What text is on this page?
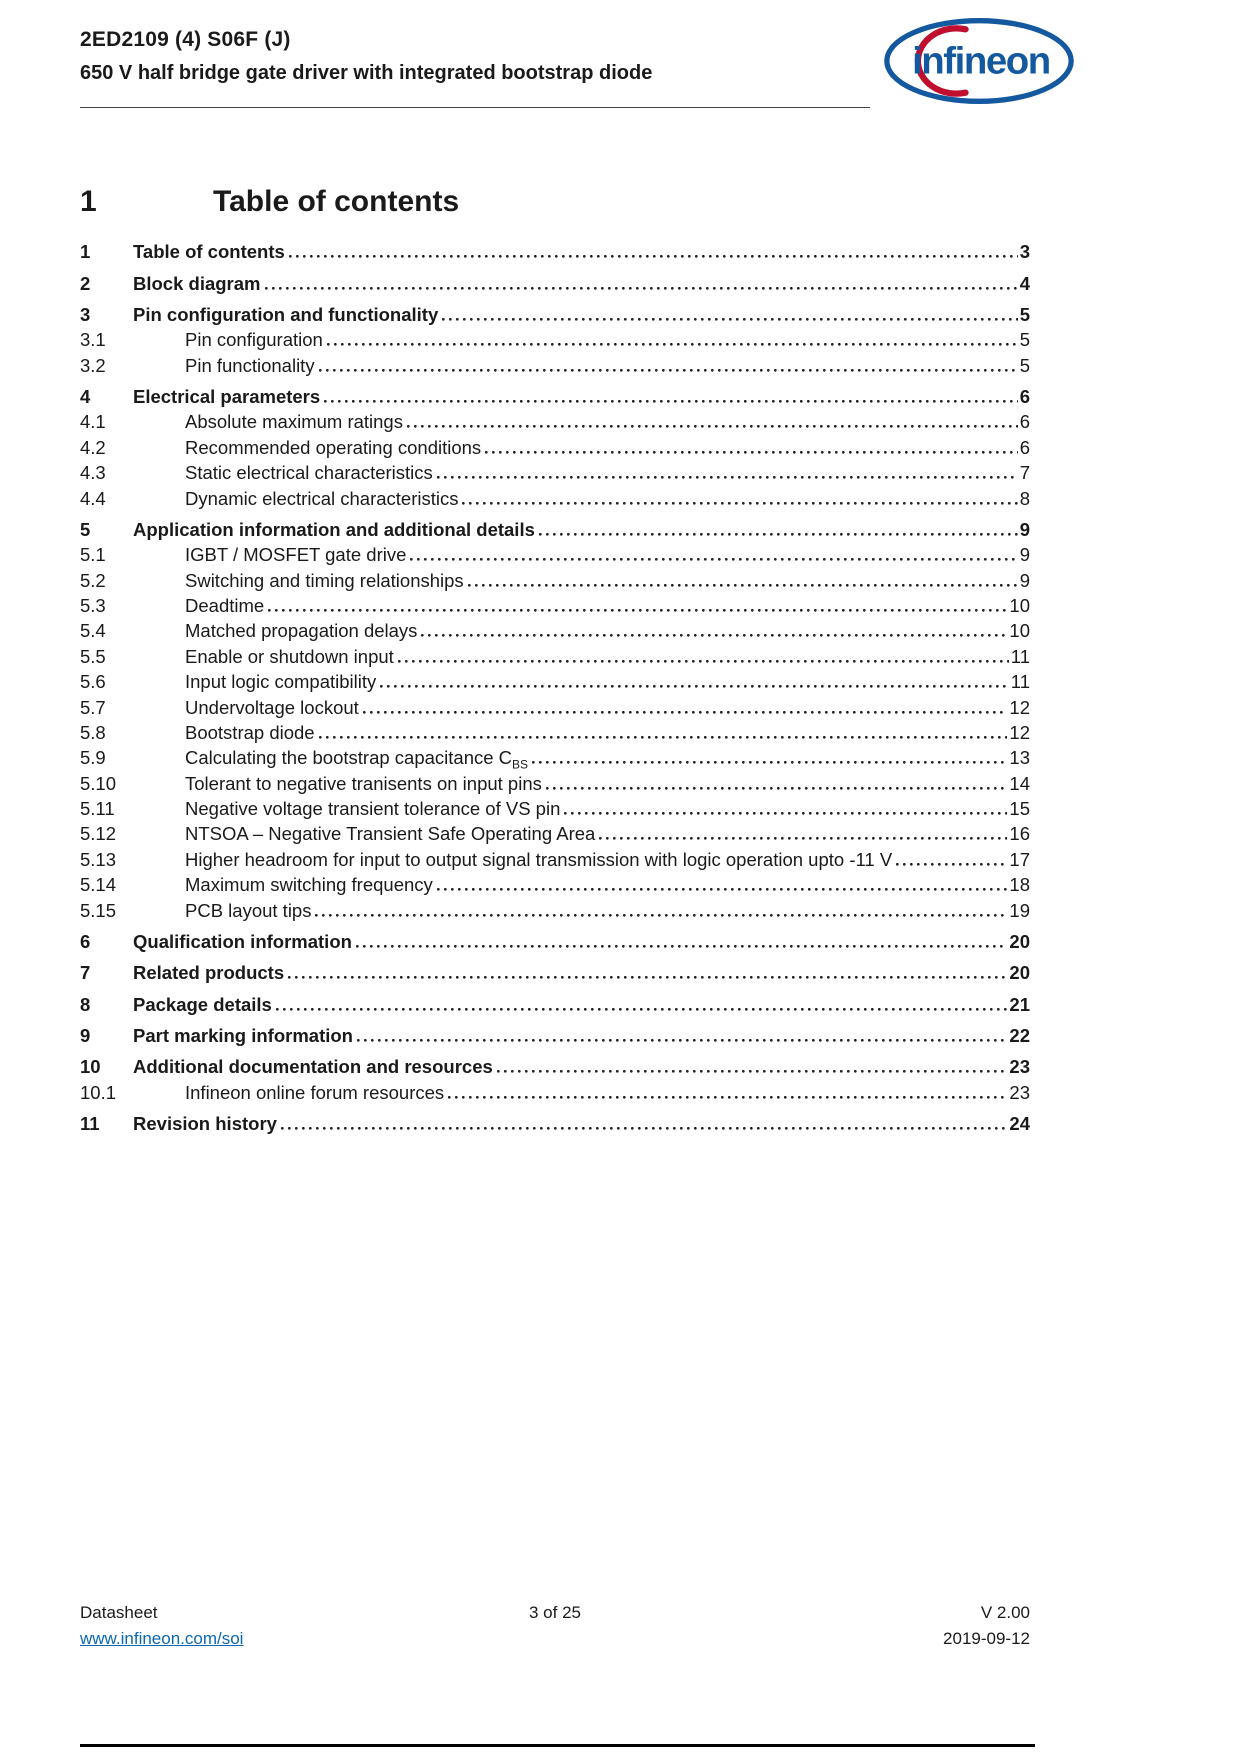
2ED2109 (4) S06F (J)
650 V half bridge gate driver with integrated bootstrap diode	infineon
1	Table of contents
1	Table of contents	3
2	Block diagram	4
3	Pin configuration and functionality	5
3.1	Pin configuration	5
3.2	Pin functionality	5
4	Electrical parameters	6
4.1	Absolute maximum ratings	6
4.2	Recommended operating conditions	6
4.3	Static electrical characteristics	7
4.4	Dynamic electrical characteristics	8
5	Application information and additional details	9
5.1	IGBT / MOSFET gate drive	9
5.2	Switching and timing relationships	9
5.3	Deadtime	10
5.4	Matched propagation delays	10
5.5	Enable or shutdown input	11
5.6	Input logic compatibility	11
5.7	Undervoltage lockout	12
5.8	Bootstrap diode	12
5.9	Calculating the bootstrap capacitance $C_{BS}$	13
5.10	Tolerant to negative tranisents on input pins	14
5.11	Negative voltage transient tolerance of VS pin	15
5.12	NTSOA – Negative Transient Safe Operating Area	16
5.13	Higher headroom for input to output signal transmission with logic operation upto -11 V	17
5.14	Maximum switching frequency	18
5.15	PCB layout tips	19
6	Qualification information	20
7	Related products	20
8	Package details	21
9	Part marking information	22
10	Additional documentation and resources	23
10.1	Infineon online forum resources	23
11	Revision history	24
Datasheet
www.infineon.com/soi
3 of 25	V 2.00
2019-09-12
